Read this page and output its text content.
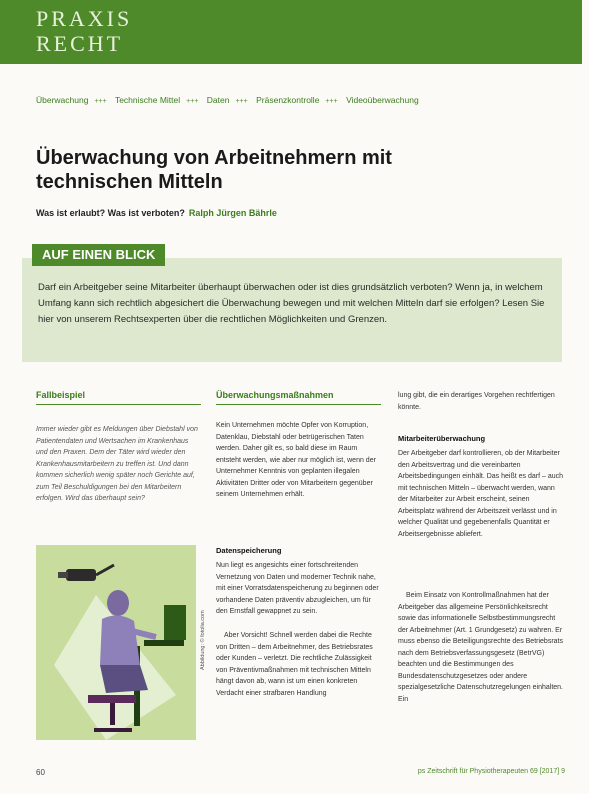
PRAXIS
RECHT
Überwachung +++ Technische Mittel +++ Daten +++ Präsenzkontrolle +++ Videoüberwachung
Überwachung von Arbeitnehmern mit
technischen Mitteln
Was ist erlaubt? Was ist verboten? Ralph Jürgen Bährle
AUF EINEN BLICK
Darf ein Arbeitgeber seine Mitarbeiter überhaupt überwachen oder ist dies grundsätzlich verboten? Wenn ja, in welchem Umfang kann sich rechtlich abgesichert die Überwachung bewegen und mit welchen Mitteln darf sie erfolgen? Lesen Sie hier von unserem Rechtsexperten über die rechtlichen Möglichkeiten und Grenzen.
Fallbeispiel
Immer wieder gibt es Meldungen über Diebstahl von Patientendaten und Wertsachen im Krankenhaus und den Praxen. Dem der Täter wird wieder den Krankenhausmitarbeitern zu treffen ist. Und dann kommen sicherlich wenig später noch Gerichte auf, zum Teil Beschuldigungen bei den Mitarbeitern erfolgen. Wird das überhaupt sein?
Abbildung: © fotolia.com
Überwachungsmaßnahmen
Kein Unternehmen möchte Opfer von Korruption, Datenklau, Diebstahl oder betrügerischen Taten werden. Daher gilt es, so bald diese im Raum entsteht werden, wie aber nur möglich ist, wenn der Unternehmer Kenntnis von geplanten illegalen Aktivitäten Dritter oder von Mitarbeitern gegenüber seinem Unternehmen erhält.
Datenspeicherung
Nun liegt es angesichts einer fortschreitenden Vernetzung von Daten und moderner Technik nahe, mit einer Vorratsdatenspeicherung zu beginnen oder vorhandene Daten präventiv abzugleichen, um für den Ernstfall gewappnet zu sein.
Aber Vorsicht! Schnell werden dabei die Rechte von Dritten – dem Arbeitnehmer, des Betriebsrates oder Kunden – verletzt. Die rechtliche Zulässigkeit von Präventivmaßnahmen mit technischen Mitteln hängt davon ab, wann ist um einen konkreten Verdacht einer strafbaren Handlung
lung gibt, die ein derartiges Vorgehen rechtfertigen könnte.
Mitarbeiterüberwachung
Der Arbeitgeber darf kontrollieren, ob der Mitarbeiter den Arbeitsvertrag und die vereinbarten Arbeitsbedingungen einhält. Das heißt es darf – auch mit technischen Mitteln – überwacht werden, wann der Mitarbeiter zur Arbeit erscheint, seinen Arbeitsplatz während der Arbeitszeit verlässt und in welcher Qualität und gegebenenfalls Quantität er Arbeitsergebnisse abliefert.
Beim Einsatz von Kontrollmaßnahmen hat der Arbeitgeber das allgemeine Persönlichkeitsrecht sowie das informationelle Selbstbestimmungsrecht der Arbeitnehmer (Art. 1 Grundgesetz) zu wahren. Er muss ebenso die Beteiligungsrechte des Betriebsrats nach dem Betriebsverfassungsgesetz (BetrVG) beachten und die Bestimmungen des Bundesdatenschutzgesetzes oder andere spezialgesetzliche Datenschutzregelungen einhalten. Ein
60	ps Zeitschrift für Physiotherapeuten 69 [2017] 9
